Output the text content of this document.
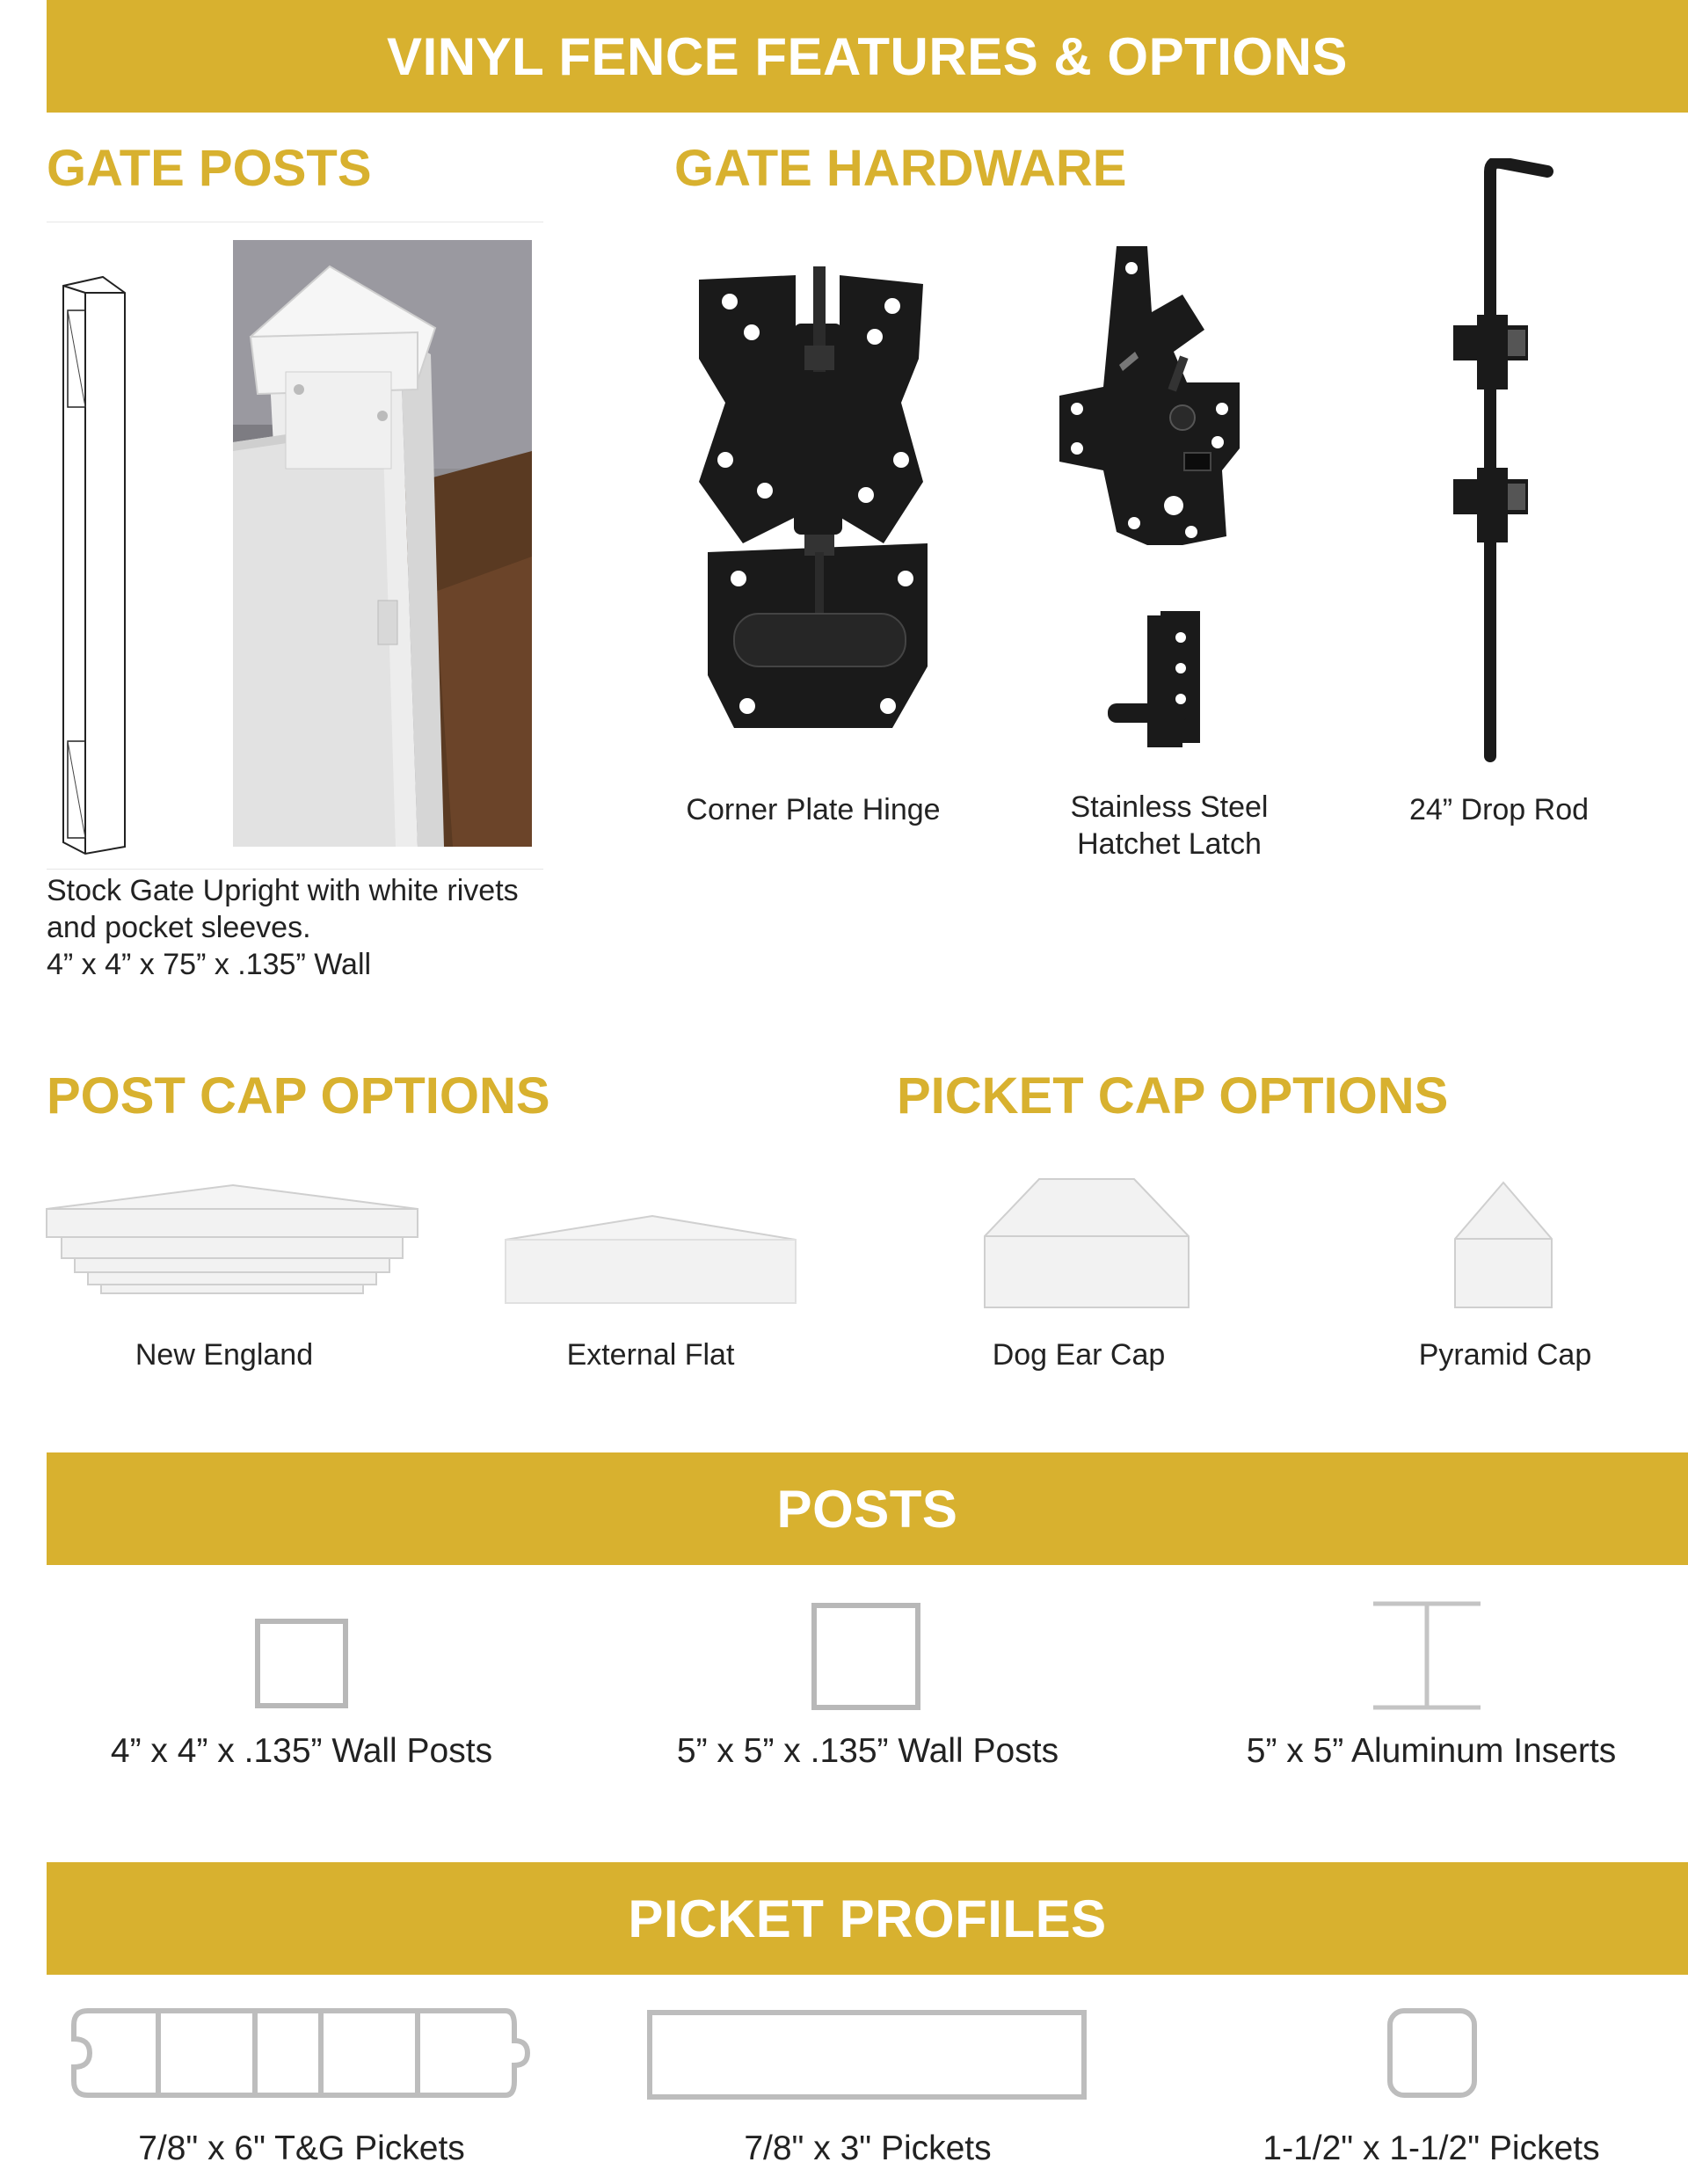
VINYL FENCE FEATURES & OPTIONS
GATE POSTS
Stock Gate Upright with white rivets
and pocket sleeves.
4” x 4” x 75” x .135” Wall
GATE HARDWARE
Corner Plate Hinge	Stainless Steel
Hatchet Latch
24” Drop Rod
POST CAP OPTIONS	PICKET CAP OPTIONS
New England	External Flat	Dog Ear Cap	Pyramid Cap
POSTS
4” x 4” x .135” Wall Posts	5” x 5” x .135” Wall Posts	5” x 5” Aluminum Inserts
PICKET PROFILES
7/8" x 6" T&G Pickets	7/8" x 3" Pickets	1-1/2" x 1-1/2" Pickets
